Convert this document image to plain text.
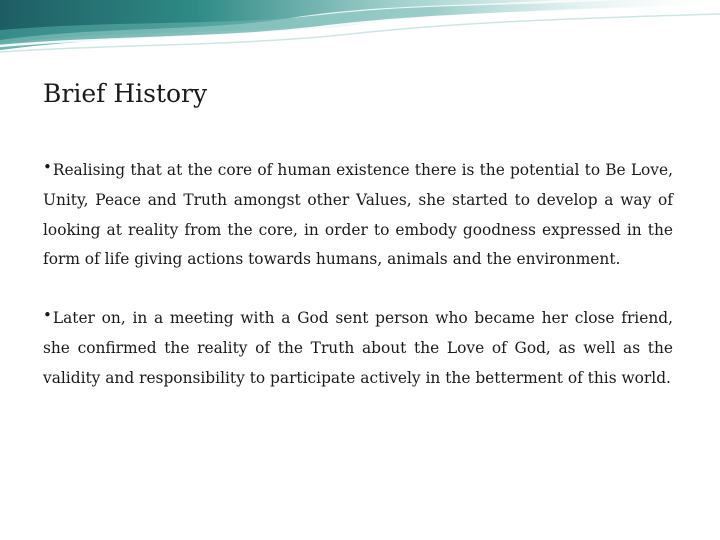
Brief History

•Realising that at the core of human existence there is the potential to Be Love, Unity, Peace and Truth amongst other Values, she started to develop a way of looking at reality from the core, in order to embody goodness expressed in the form of life giving actions towards humans, animals and the environment.

•Later on, in a meeting with a God sent person who became her close friend, she confirmed the reality of the Truth about the Love of God, as well as the validity and responsibility to participate actively in the betterment of this world.
